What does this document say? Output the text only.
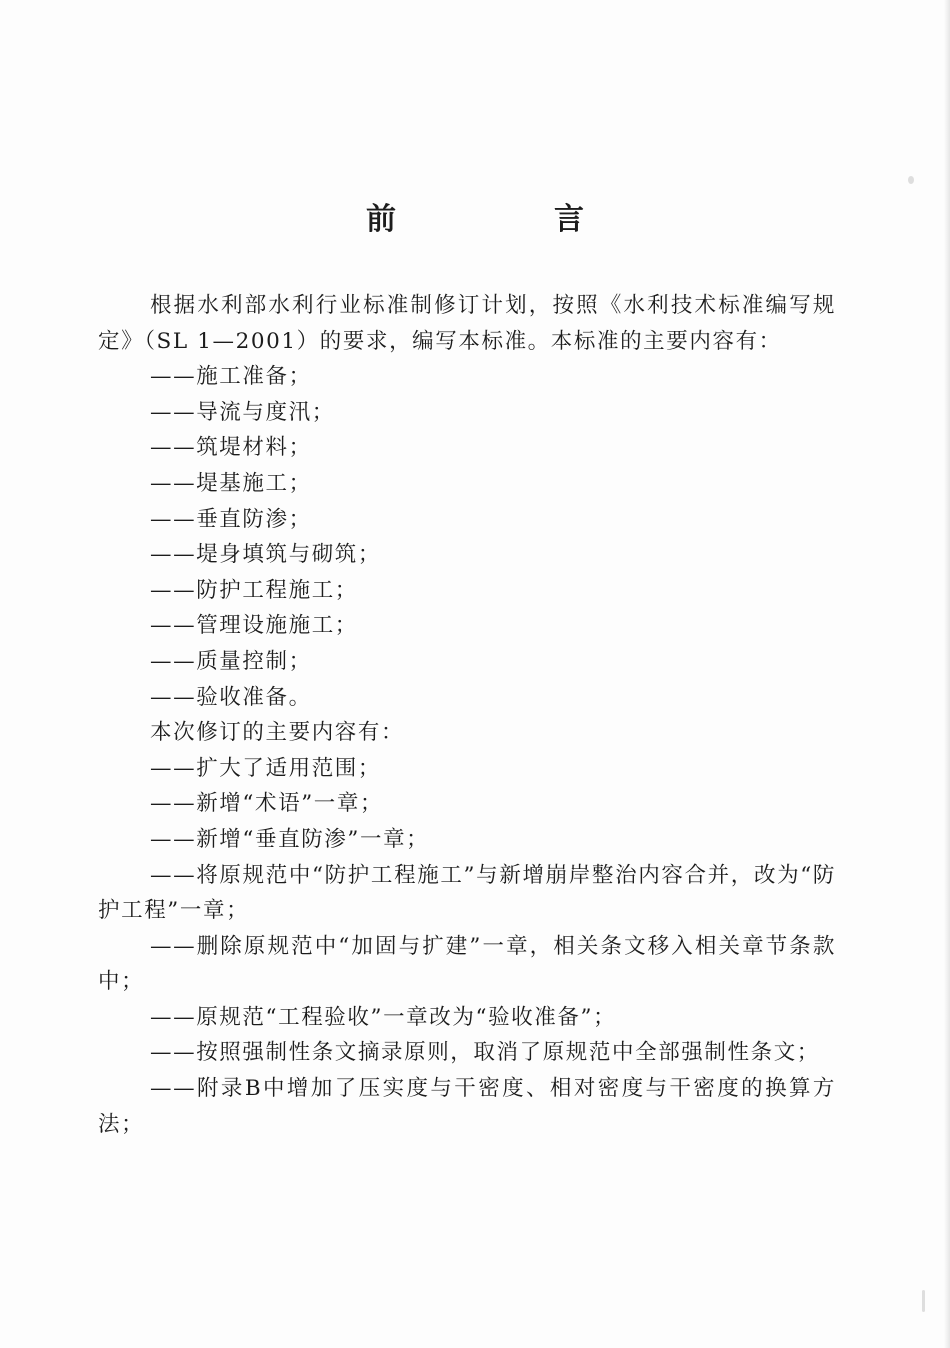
前　言

根据水利部水利行业标准制修订计划，按照《水利技术标准编写规定》（SL 1—2001）的要求，编写本标准。本标准的主要内容有：

——施工准备；

——导流与度汛；

——筑堤材料；

——堤基施工；

——垂直防渗；

——堤身填筑与砌筑；

——防护工程施工；

——管理设施施工；

——质量控制；

——验收准备。

本次修订的主要内容有：

——扩大了适用范围；

——新增“术语”一章；

——新增“垂直防渗”一章；

——将原规范中“防护工程施工”与新增崩岸整治内容合并，改为“防护工程”一章；

——删除原规范中“加固与扩建”一章，相关条文移入相关章节条款中；

——原规范“工程验收”一章改为“验收准备”；

——按照强制性条文摘录原则，取消了原规范中全部强制性条文；

——附录B中增加了压实度与干密度、相对密度与干密度的换算方法；
